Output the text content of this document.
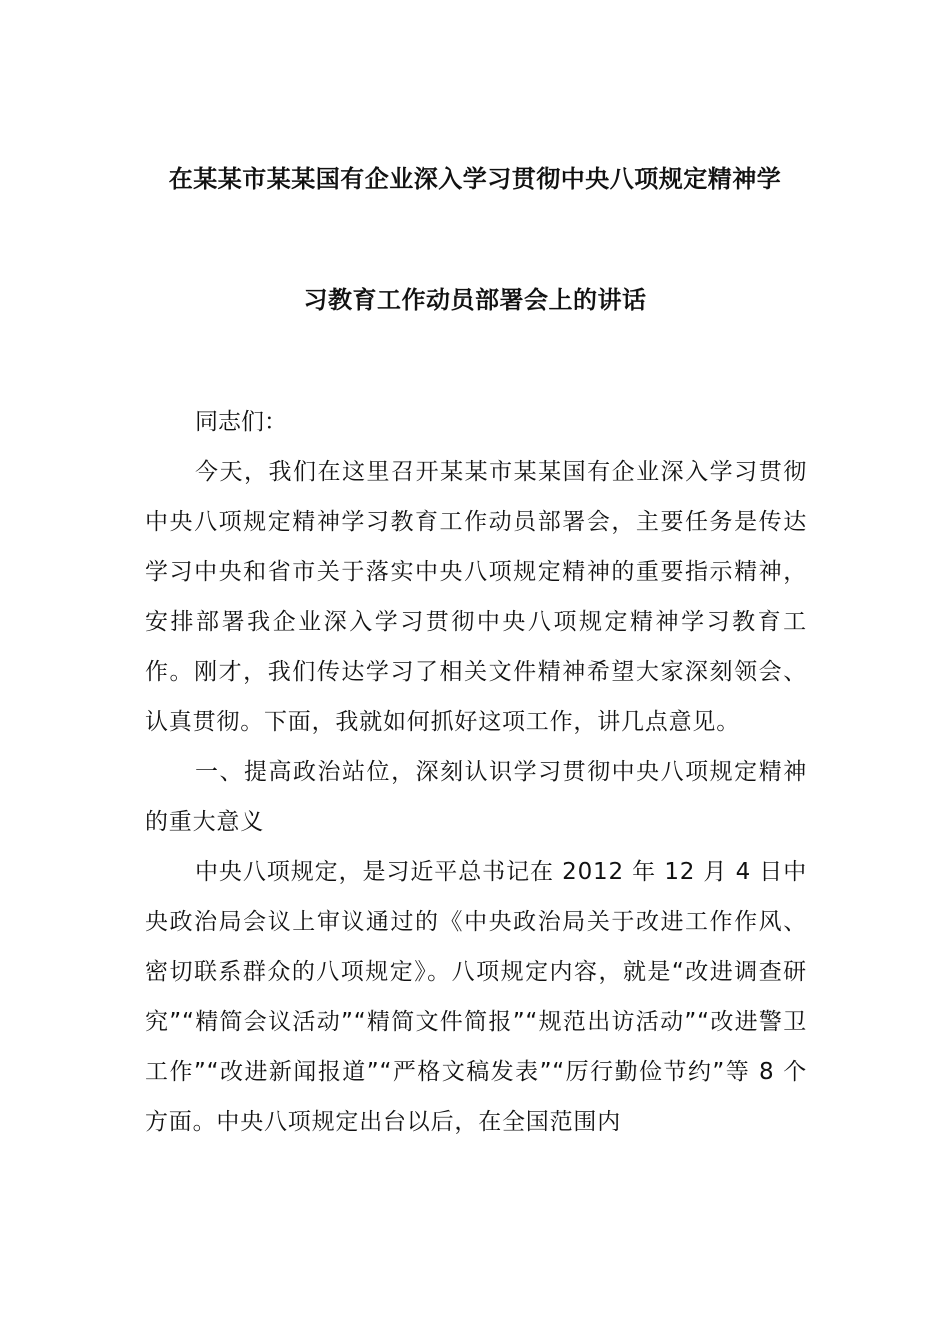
在某某市某某国有企业深入学习贯彻中央八项规定精神学
习教育工作动员部署会上的讲话

同志们：

今天，我们在这里召开某某市某某国有企业深入学习贯彻中央八项规定精神学习教育工作动员部署会，主要任务是传达学习中央和省市关于落实中央八项规定精神的重要指示精神，安排部署我企业深入学习贯彻中央八项规定精神学习教育工作。刚才，我们传达学习了相关文件精神希望大家深刻领会、认真贯彻。下面，我就如何抓好这项工作，讲几点意见。

一、提高政治站位，深刻认识学习贯彻中央八项规定精神的重大意义

中央八项规定，是习近平总书记在 2012 年 12 月 4 日中央政治局会议上审议通过的《中央政治局关于改进工作作风、密切联系群众的八项规定》。八项规定内容，就是“改进调查研究”“精简会议活动”“精简文件简报”“规范出访活动”“改进警卫工作”“改进新闻报道”“严格文稿发表”“厉行勤俭节约”等 8 个方面。中央八项规定出台以后，在全国范围内
